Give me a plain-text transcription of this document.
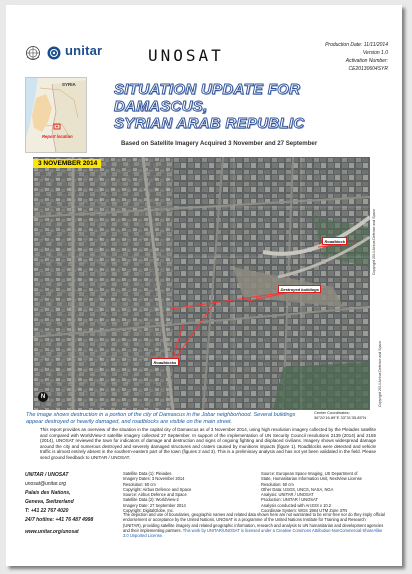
unitar	UNOSAT
Production Date: 11/11/2014
Version 1.0
Activation Number:
CE20130604SYR
SYRIA
Report location
SITUATION UPDATE FOR
DAMASCUS,
SYRIAN ARAB REPUBLIC
Based on Satellite Imagery Acquired 3 November and 27 September
3 NOVEMBER 2014
Roadblock
Destroyed buildings
Roadblocks
N
Copyright 2014 Airbus Defense and Space
Copyright 2014 Airbus Defence and Space
Center Coordinates:
36°20'16.89"E 33°31'35.85"N
The image shows destruction in a portion of the city of Damascus in the Jobar neighborhood. Several buildings appear destroyed or heavily damaged, and roadblocks are visible on the main street.
This report provides an overview of the situation in the capital city of Damascus as of 3 November 2014, using high resolution imagery collected by the Pleiades satellite and compared with WorldView-2 satellite imagery collected 27 September. In support of the implementation of UN Security Council resolutions 2139 (2014) and 2165 (2014), UNOSAT reviewed the town for indicators of damage and destruction and signs of ongoing fighting and displaced civilians. Imagery shows widespread damage around the city and numerous destroyed and severely damaged structures and craters caused by munitions impacts (figure 1). Roadblocks were detected and vehicle traffic is almost entirely absent in the southern-eastern part of the town (figures 2 and 3). This is a preliminary analysis and has not yet been validated in the field. Please send ground feedback to UNITAR / UNOSAT.
UNITAR / UNOSAT
unosat@unitar.org
Palais des Nations,
Geneva, Switzerland
T: +41 22 767 4020
24/7 hotline: +41 76 487 4998
www.unitar.org/unosat
Satellite Data (1): Pleiades
Imagery Dates: 3 November 2014
Resolution: 50 cm
Copyright: Airbus Defence and Space
Source: Airbus Defence and Space
Satellite Data (2): WorldView-2
Imagery Date: 27 September 2014
Copyright: DigitalGlobe, Inc.
Source: European Space Imaging, US Department of
State, Humanitarian Information Unit, NextView License
Resolution: 50 cm
Other Data: USGS, UNCS, NASA, NGA
Analysis: UNITAR / UNOSAT
Production: UNITAR / UNOSAT
Analysis conducted with ArcGIS v 10.2
Coordinate System: WGS 1984 UTM Zone 37N
The depiction and use of boundaries, geographic names and related data shown here are not warranted to be error-free nor do they imply official endorsement or acceptance by the United Nations. UNOSAT is a programme of the United Nations Institute for Training and Research (UNITAR), providing satellite imagery and related geographic information, research and analysis to UN humanitarian and development agencies and their implementing partners. This work by UNITAR/UNOSAT is licensed under a Creative Commons Attribution-NonCommercial-ShareAlike 3.0 Unported License.
